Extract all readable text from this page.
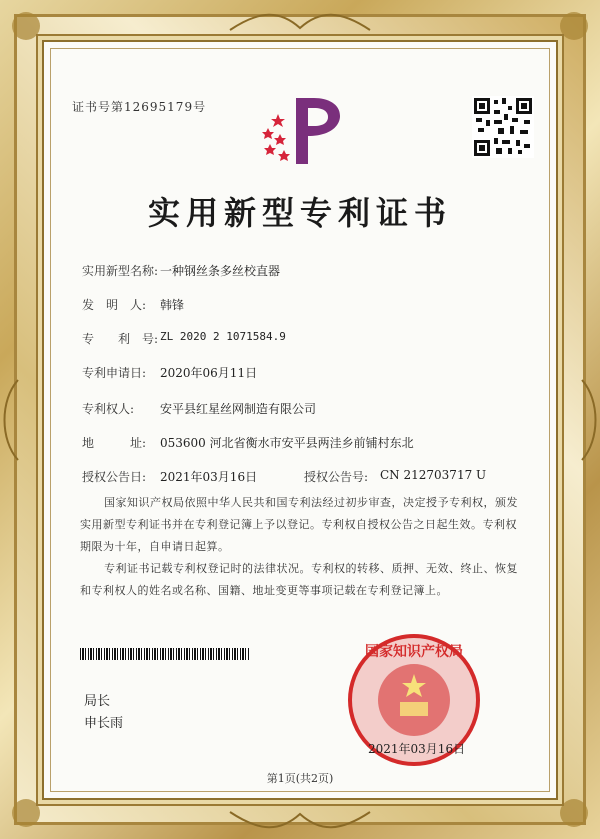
证书号第12695179号
实用新型专利证书
实用新型名称: 一种钢丝条多丝校直器
发　明　人: 韩锋
专　　利　号: ZL 2020 2 1071584.9
专利申请日: 2020年06月11日
专利权人: 安平县红星丝网制造有限公司
地　　　址: 053600 河北省衡水市安平县两洼乡前铺村东北
授权公告日: 2021年03月16日	授权公告号: CN 212703717 U
国家知识产权局依照中华人民共和国专利法经过初步审查，决定授予专利权，颁发实用新型专利证书并在专利登记簿上予以登记。专利权自授权公告之日起生效。专利权期限为十年，自申请日起算。
专利证书记载专利权登记时的法律状况。专利权的转移、质押、无效、终止、恢复和专利权人的姓名或名称、国籍、地址变更等事项记载在专利登记簿上。
局长
申长雨
国家知识产权局
2021年03月16日
第1页(共2页)
